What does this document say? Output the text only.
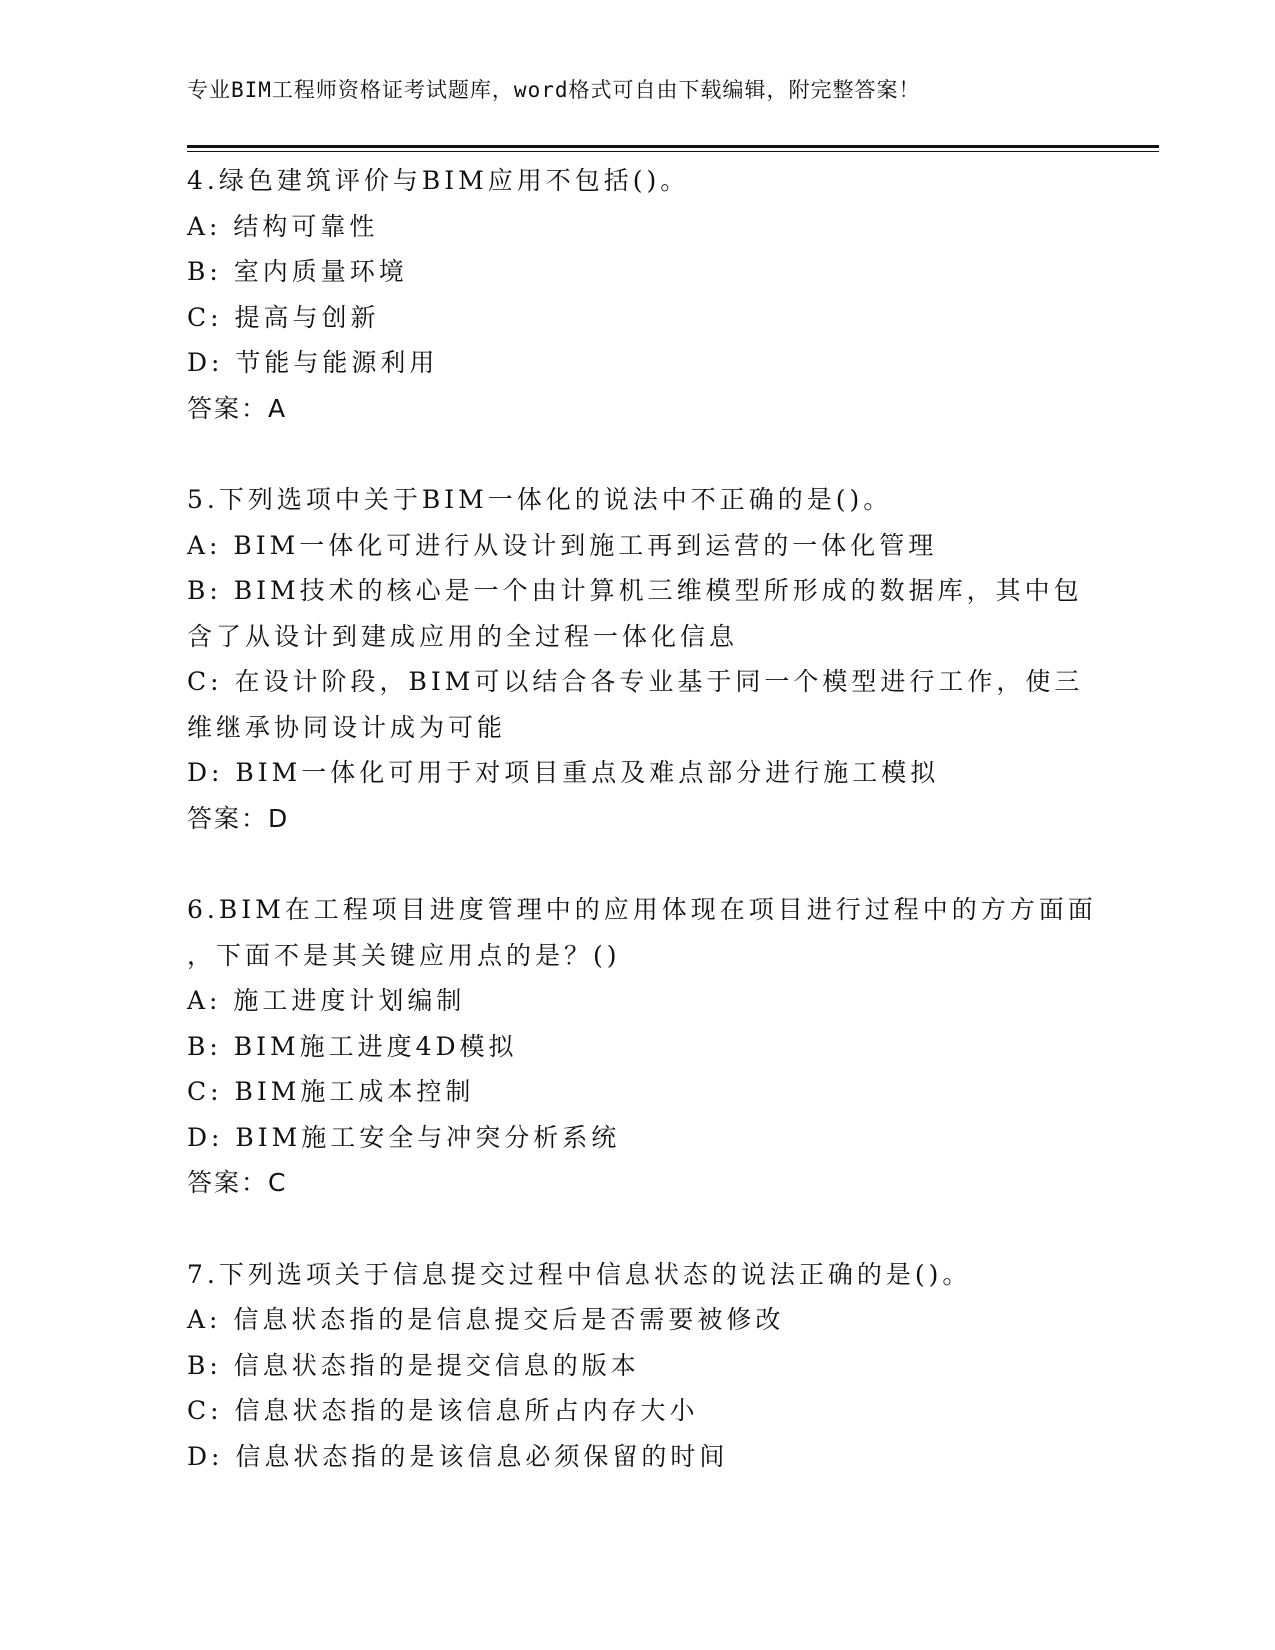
专业BIM工程师资格证考试题库，word格式可自由下载编辑，附完整答案！
4.绿色建筑评价与BIM应用不包括()。
A: 结构可靠性
B: 室内质量环境
C: 提高与创新
D: 节能与能源利用
答案：A
5.下列选项中关于BIM一体化的说法中不正确的是()。
A: BIM一体化可进行从设计到施工再到运营的一体化管理
B: BIM技术的核心是一个由计算机三维模型所形成的数据库，其中包
含了从设计到建成应用的全过程一体化信息
C: 在设计阶段，BIM可以结合各专业基于同一个模型进行工作，使三
维继承协同设计成为可能
D: BIM一体化可用于对项目重点及难点部分进行施工模拟
答案：D
6.BIM在工程项目进度管理中的应用体现在项目进行过程中的方方面面
，下面不是其关键应用点的是？()
A: 施工进度计划编制
B: BIM施工进度4D模拟
C: BIM施工成本控制
D: BIM施工安全与冲突分析系统
答案：C
7.下列选项关于信息提交过程中信息状态的说法正确的是()。
A: 信息状态指的是信息提交后是否需要被修改
B: 信息状态指的是提交信息的版本
C: 信息状态指的是该信息所占内存大小
D: 信息状态指的是该信息必须保留的时间
